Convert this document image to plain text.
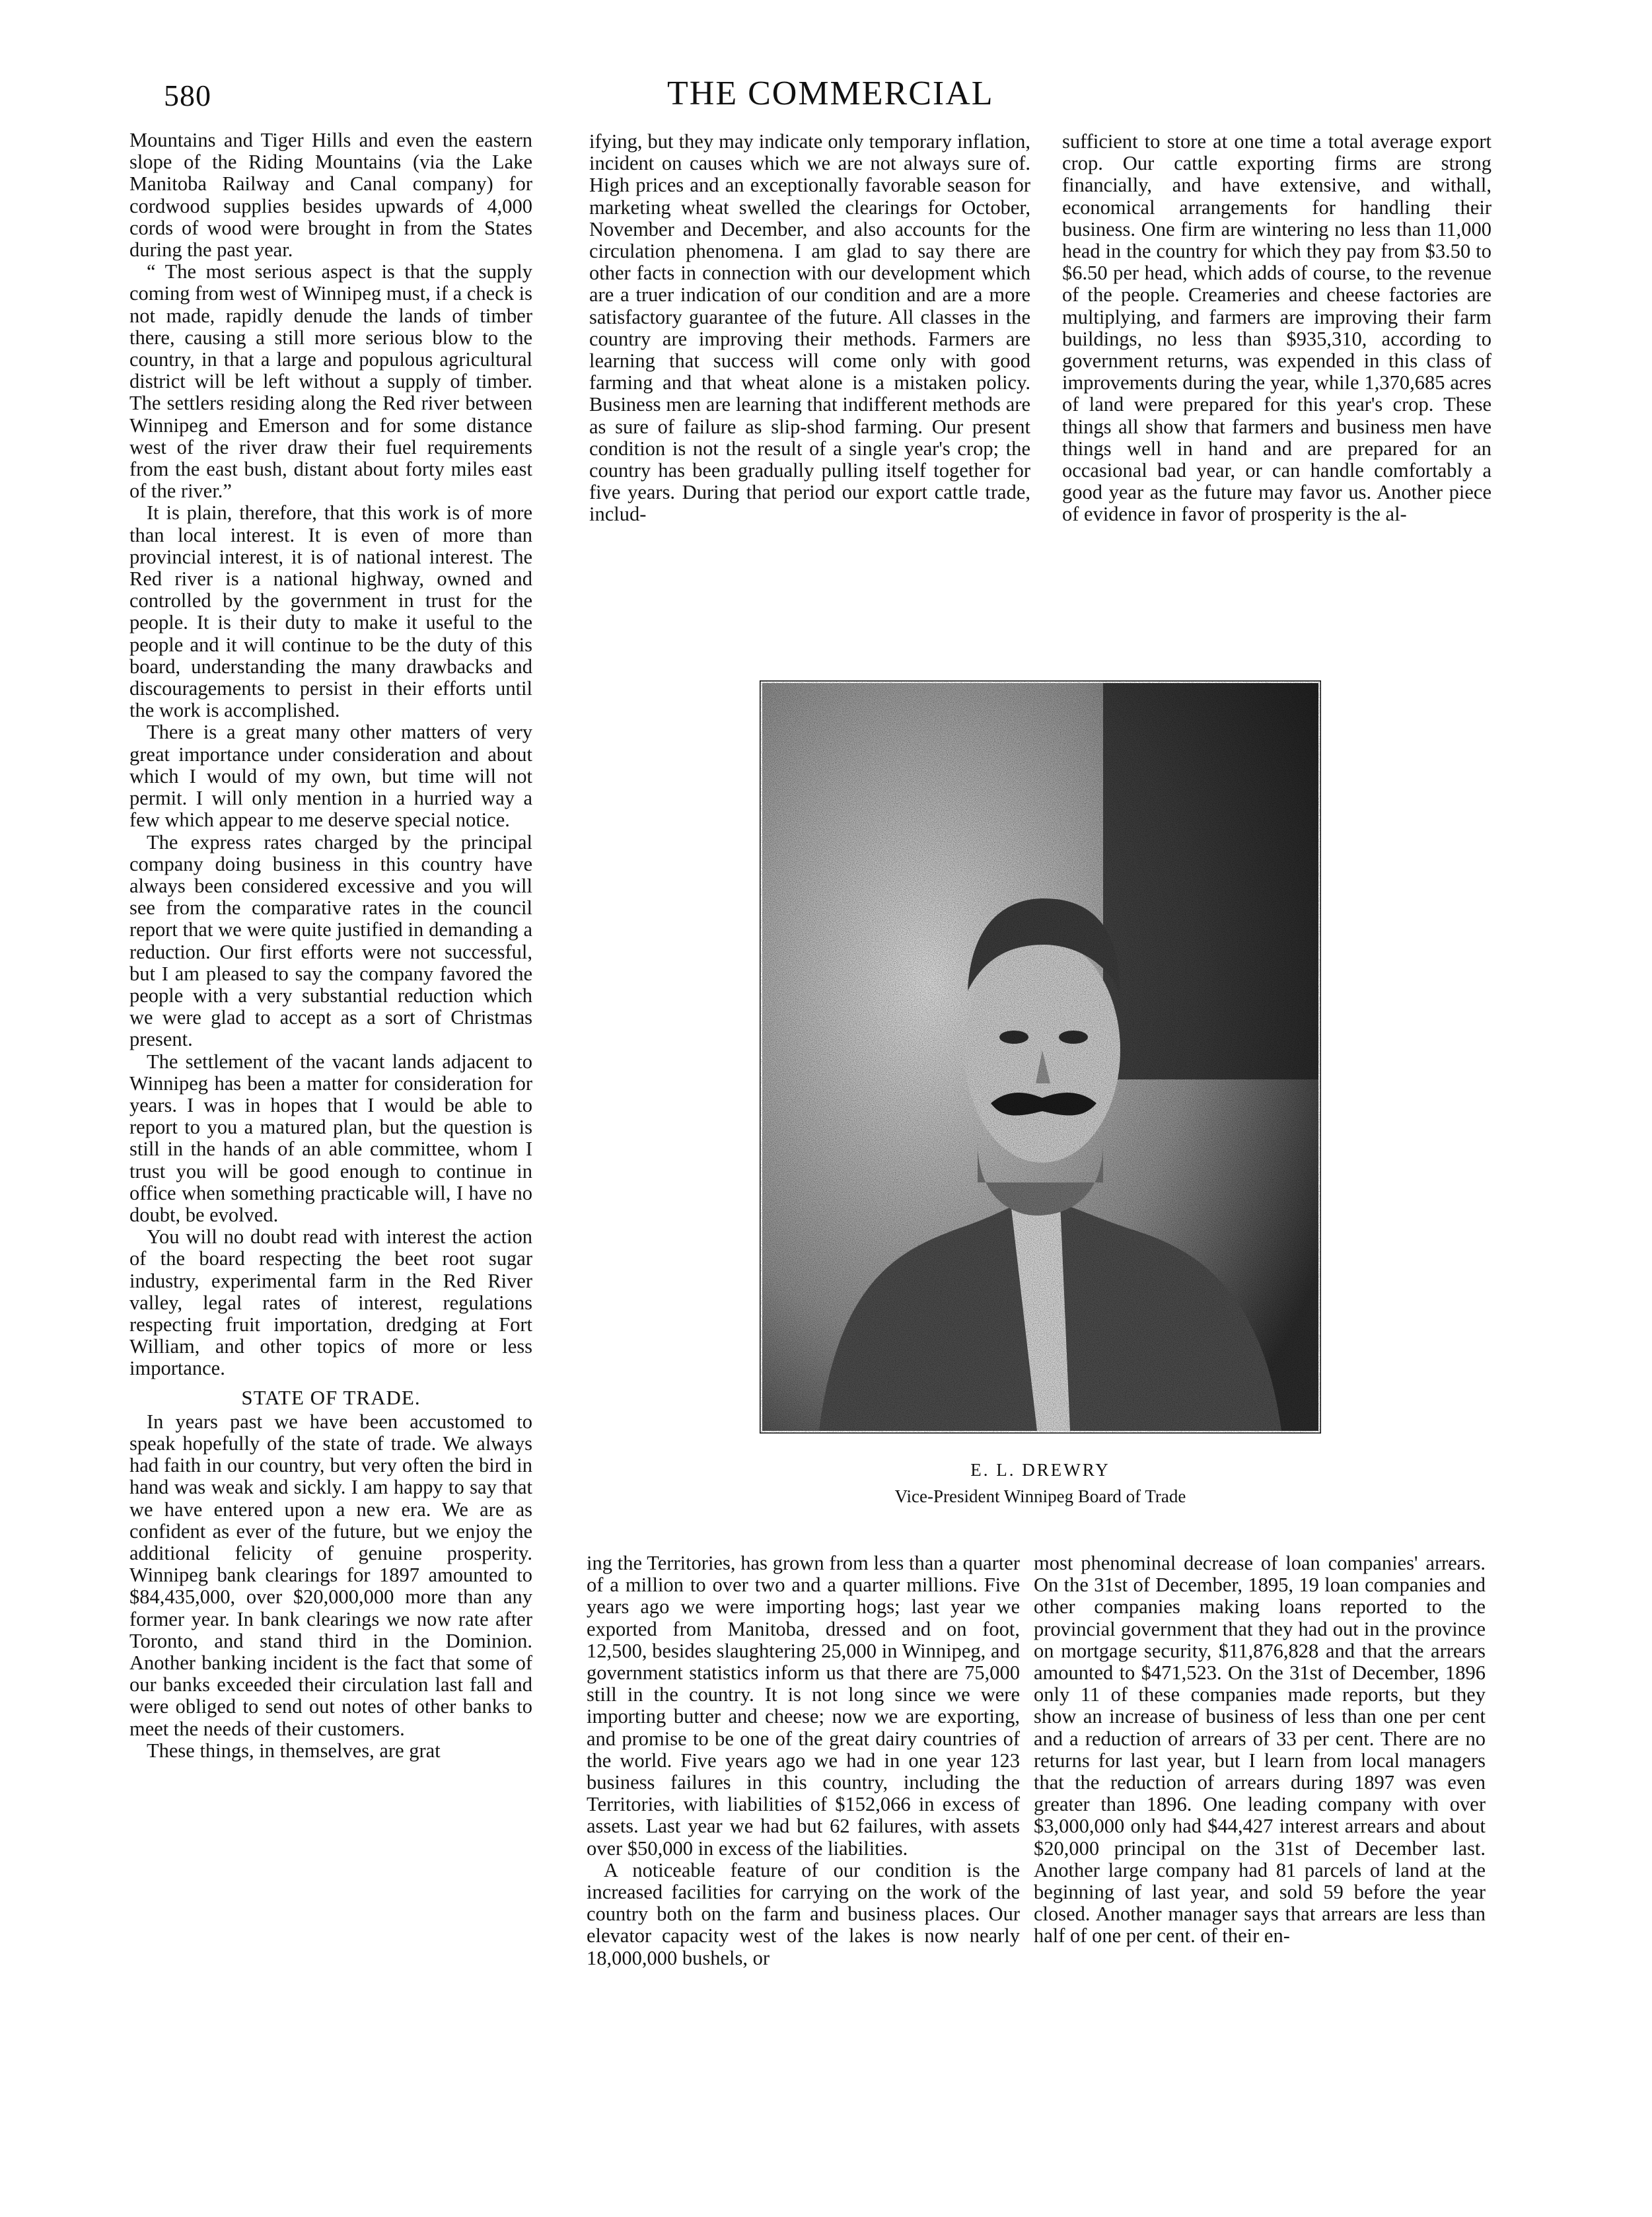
580	THE COMMERCIAL

Mountains and Tiger Hills and even the eastern slope of the Riding Mountains (via the Lake Manitoba Railway and Canal company) for cordwood supplies besides upwards of 4,000 cords of wood were brought in from the States during the past year.

“ The most serious aspect is that the supply coming from west of Winnipeg must, if a check is not made, rapidly denude the lands of timber there, causing a still more serious blow to the country, in that a large and populous agricultural district will be left without a supply of timber. The settlers residing along the Red river between Winnipeg and Emerson and for some distance west of the river draw their fuel requirements from the east bush, distant about forty miles east of the river.”

It is plain, therefore, that this work is of more than local interest. It is even of more than provincial interest, it is of national interest. The Red river is a national highway, owned and controlled by the government in trust for the people. It is their duty to make it useful to the people and it will continue to be the duty of this board, understanding the many drawbacks and discouragements to persist in their efforts until the work is accomplished.

There is a great many other matters of very great importance under consideration and about which I would of my own, but time will not permit. I will only mention in a hurried way a few which appear to me deserve special notice.

The express rates charged by the principal company doing business in this country have always been considered excessive and you will see from the comparative rates in the council report that we were quite justified in demanding a reduction. Our first efforts were not successful, but I am pleased to say the company favored the people with a very substantial reduction which we were glad to accept as a sort of Christmas present.

The settlement of the vacant lands adjacent to Winnipeg has been a matter for consideration for years. I was in hopes that I would be able to report to you a matured plan, but the question is still in the hands of an able committee, whom I trust you will be good enough to continue in office when something practicable will, I have no doubt, be evolved.

You will no doubt read with interest the action of the board respecting the beet root sugar industry, experimental farm in the Red River valley, legal rates of interest, regulations respecting fruit importation, dredging at Fort William, and other topics of more or less importance.

STATE OF TRADE.

In years past we have been accustomed to speak hopefully of the state of trade. We always had faith in our country, but very often the bird in hand was weak and sickly. I am happy to say that we have entered upon a new era. We are as confident as ever of the future, but we enjoy the additional felicity of genuine prosperity. Winnipeg bank clearings for 1897 amounted to $84,435,000, over $20,000,000 more than any former year. In bank clearings we now rate after Toronto, and stand third in the Dominion. Another banking incident is the fact that some of our banks exceeded their circulation last fall and were obliged to send out notes of other banks to meet the needs of their customers.

These things, in themselves, are grat

ifying, but they may indicate only temporary inflation, incident on causes which we are not always sure of. High prices and an exceptionally favorable season for marketing wheat swelled the clearings for October, November and December, and also accounts for the circulation phenomena. I am glad to say there are other facts in connection with our development which are a truer indication of our condition and are a more satisfactory guarantee of the future. All classes in the country are improving their methods. Farmers are learning that success will come only with good farming and that wheat alone is a mistaken policy. Business men are learning that indifferent methods are as sure of failure as slip-shod farming. Our present condition is not the result of a single year's crop; the country has been gradually pulling itself together for five years. During that period our export cattle trade, includ-

sufficient to store at one time a total average export crop. Our cattle exporting firms are strong financially, and have extensive, and withall, economical arrangements for handling their business. One firm are wintering no less than 11,000 head in the country for which they pay from $3.50 to $6.50 per head, which adds of course, to the revenue of the people. Creameries and cheese factories are multiplying, and farmers are improving their farm buildings, no less than $935,310, according to government returns, was expended in this class of improvements during the year, while 1,370,685 acres of land were prepared for this year's crop. These things all show that farmers and business men have things well in hand and are prepared for an occasional bad year, or can handle comfortably a good year as the future may favor us. Another piece of evidence in favor of prosperity is the al-

E. L. DREWRY
Vice-President Winnipeg Board of Trade

ing the Territories, has grown from less than a quarter of a million to over two and a quarter millions. Five years ago we were importing hogs; last year we exported from Manitoba, dressed and on foot, 12,500, besides slaughtering 25,000 in Winnipeg, and government statistics inform us that there are 75,000 still in the country. It is not long since we were importing butter and cheese; now we are exporting, and promise to be one of the great dairy countries of the world. Five years ago we had in one year 123 business failures in this country, including the Territories, with liabilities of $152,066 in excess of assets. Last year we had but 62 failures, with assets over $50,000 in excess of the liabilities.

A noticeable feature of our condition is the increased facilities for carrying on the work of the country both on the farm and business places. Our elevator capacity west of the lakes is now nearly 18,000,000 bushels, or

most phenominal decrease of loan companies' arrears. On the 31st of December, 1895, 19 loan companies and other companies making loans reported to the provincial government that they had out in the province on mortgage security, $11,876,828 and that the arrears amounted to $471,523. On the 31st of December, 1896 only 11 of these companies made reports, but they show an increase of business of less than one per cent and a reduction of arrears of 33 per cent. There are no returns for last year, but I learn from local managers that the reduction of arrears during 1897 was even greater than 1896. One leading company with over $3,000,000 only had $44,427 interest arrears and about $20,000 principal on the 31st of December last. Another large company had 81 parcels of land at the beginning of last year, and sold 59 before the year closed. Another manager says that arrears are less than half of one per cent. of their en-
